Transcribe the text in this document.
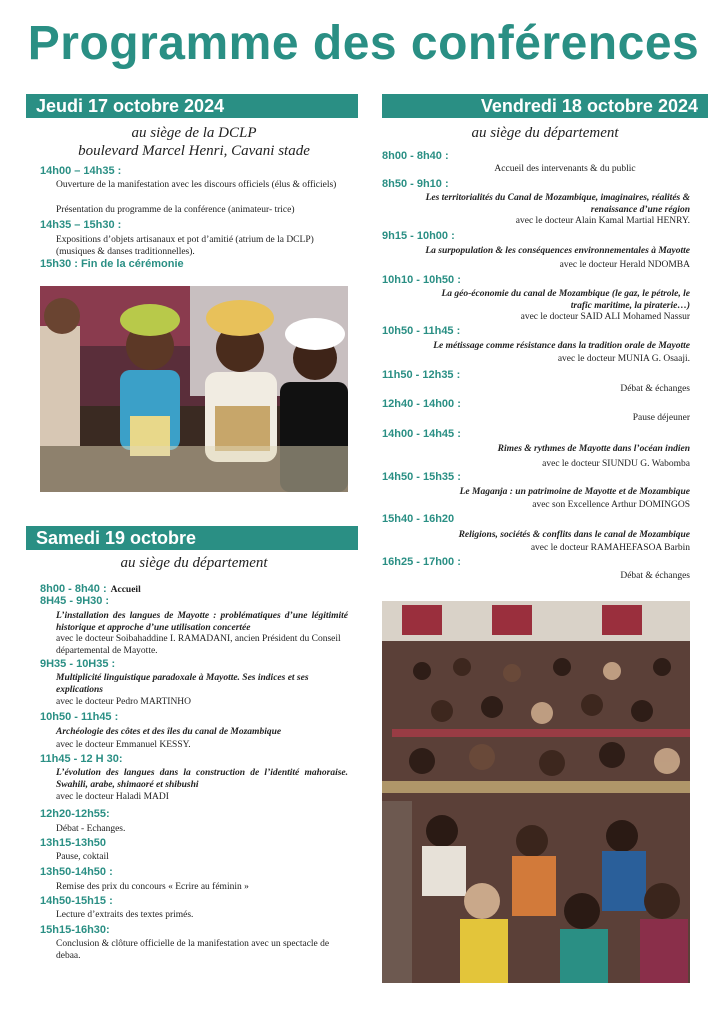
Programme des conférences
Jeudi 17 octobre 2024
au siège de la DCLP
boulevard Marcel Henri, Cavani stade
14h00 – 14h35 :
Ouverture de la manifestation avec les discours officiels (élus & officiels)
Présentation du programme de la conférence (animateur- trice)
14h35 – 15h30 :
Expositions d’objets artisanaux et pot d’amitié (atrium de la DCLP) (musiques & danses traditionnelles).
15h30 : Fin de la cérémonie
Samedi 19 octobre
au siège du département
8h00 - 8h40 : Accueil
8H45 - 9H30 :
L’installation des langues de Mayotte : problématiques d’une légitimité historique et approche d’une utilisation concertée
avec le docteur Soibahaddine I. RAMADANI, ancien Président du Conseil départemental de Mayotte.
9H35 - 10H35 :
Multiplicité linguistique paradoxale à Mayotte. Ses indices et ses explications
avec le docteur Pedro MARTINHO
10h50 - 11h45 :
Archéologie des côtes et des îles du canal de Mozambique
avec le docteur Emmanuel KESSY.
11h45 - 12 H 30:
L’évolution des langues dans la construction de l’identité mahoraise. Swahili, arabe, shimaoré et shibushi
avec le docteur Haladi MADI
12h20-12h55:
Débat - Echanges.
13h15-13h50
Pause, coktail
13h50-14h50 :
Remise des prix du concours « Ecrire au féminin »
14h50-15h15 :
Lecture d’extraits des textes primés.
15h15-16h30:
Conclusion & clôture officielle de la manifestation avec un spectacle de debaa.
Vendredi 18 octobre 2024
au siège du département
8h00 - 8h40 :
Accueil des intervenants & du public
8h50 - 9h10 :
Les territorialités du Canal de Mozambique, imaginaires, réalités & renaissance d’une région
avec le docteur Alain Kamal Martial HENRY.
9h15 - 10h00 :
La surpopulation & les conséquences environnementales à Mayotte
avec le docteur Herald NDOMBA
10h10 - 10h50 :
La géo-économie du canal de Mozambique (le gaz, le pétrole, le trafic maritime, la piraterie…)
avec le docteur SAID ALI Mohamed Nassur
10h50 - 11h45 :
Le métissage comme résistance dans la tradition orale de Mayotte
avec le docteur MUNIA G. Osaaji.
11h50 - 12h35 :
Débat & échanges
12h40 - 14h00 :
Pause déjeuner
14h00 - 14h45 :
Rimes & rythmes de Mayotte dans l’océan indien
avec le docteur SIUNDU G. Wabomba
14h50 - 15h35 :
Le Maganja : un patrimoine de Mayotte et de Mozambique
avec son Excellence Arthur DOMINGOS
15h40 - 16h20
Religions, sociétés & conflits dans le canal de Mozambique
avec le docteur RAMAHEFASOA Barbin
16h25 - 17h00 :
Débat & échanges
